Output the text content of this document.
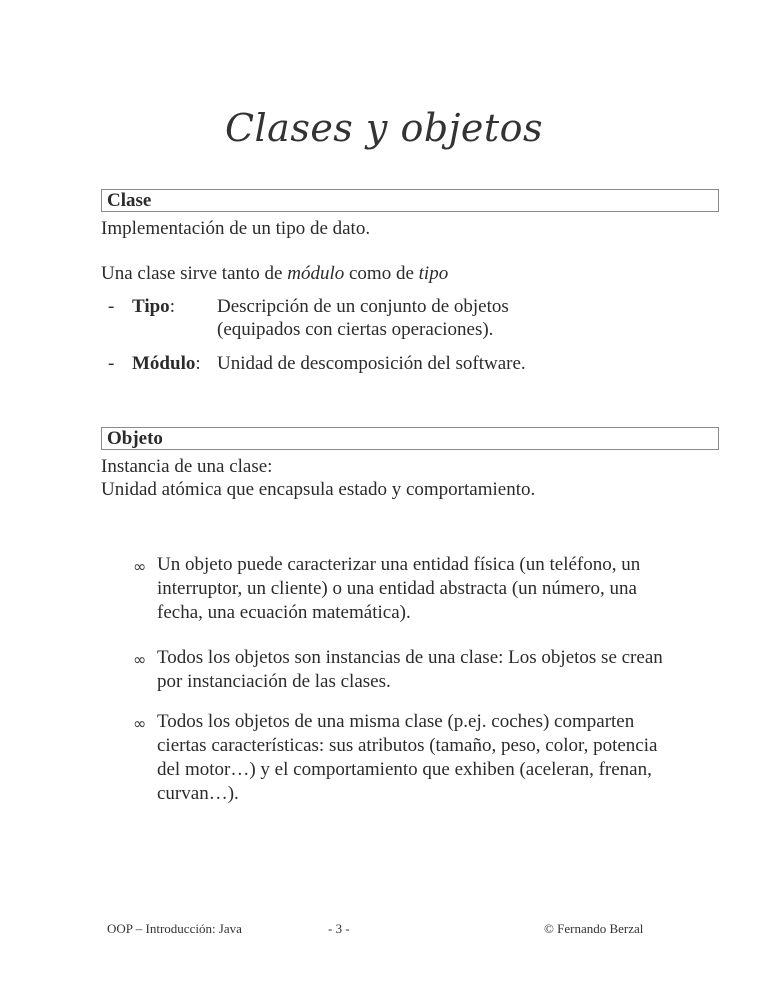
Clases y objetos
Clase
Implementación de un tipo de dato.
Una clase sirve tanto de módulo como de tipo
- Tipo: Descripción de un conjunto de objetos
(equipados con ciertas operaciones).
- Módulo: Unidad de descomposición del software.
Objeto
Instancia de una clase:
Unidad atómica que encapsula estado y comportamiento.
∞ Un objeto puede caracterizar una entidad física (un teléfono, un
interruptor, un cliente) o una entidad abstracta (un número, una
fecha, una ecuación matemática).
∞ Todos los objetos son instancias de una clase: Los objetos se crean
por instanciación de las clases.
∞ Todos los objetos de una misma clase (p.ej. coches) comparten
ciertas características: sus atributos (tamaño, peso, color, potencia
del motor…) y el comportamiento que exhiben (aceleran, frenan,
curvan…).
OOP – Introducción: Java	- 3 -	© Fernando Berzal
